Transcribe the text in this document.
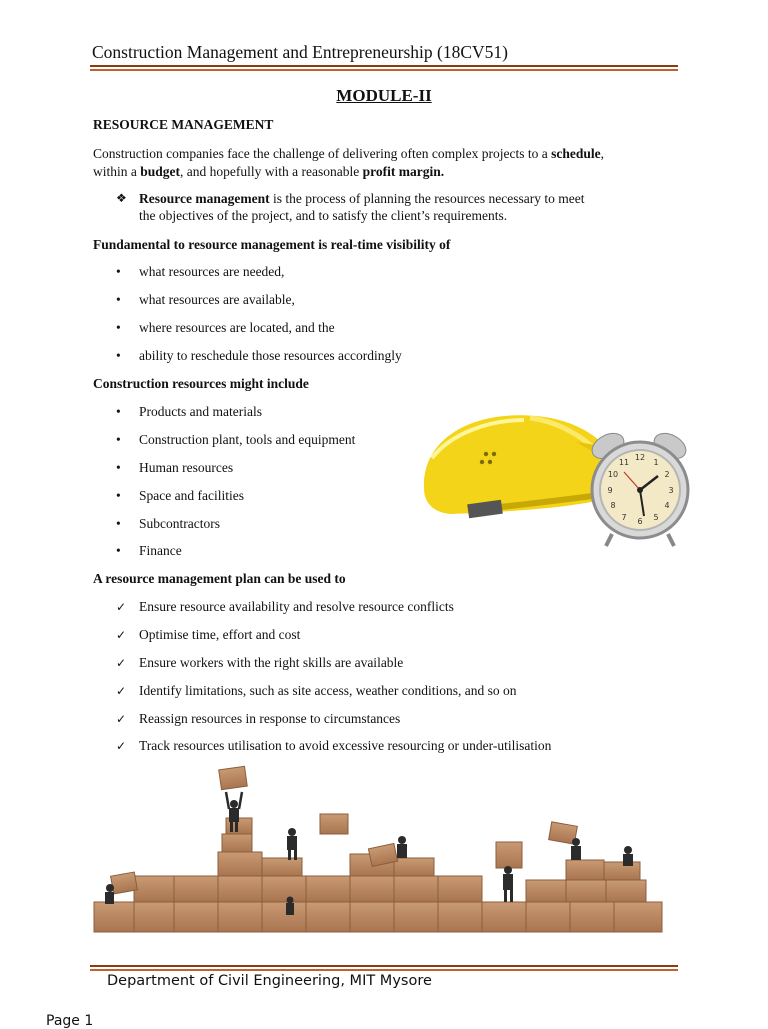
Construction Management and Entrepreneurship (18CV51)
MODULE-II
RESOURCE MANAGEMENT
Construction companies face the challenge of delivering often complex projects to a schedule,
within a budget, and hopefully with a reasonable profit margin.
❖ Resource management is the process of planning the resources necessary to meet
the objectives of the project, and to satisfy the client’s requirements.
Fundamental to resource management is real-time visibility of
• what resources are needed,
• what resources are available,
• where resources are located, and the
• ability to reschedule those resources accordingly
Construction resources might include
• Products and materials
• Construction plant, tools and equipment
• Human resources
• Space and facilities
• Subcontractors
• Finance
12
1
2
3
4
5
6
7
8
9
10
11
A resource management plan can be used to
✓ Ensure resource availability and resolve resource conflicts
✓ Optimise time, effort and cost
✓ Ensure workers with the right skills are available
✓ Identify limitations, such as site access, weather conditions, and so on
✓ Reassign resources in response to circumstances
✓ Track resources utilisation to avoid excessive resourcing or under-utilisation
Department of Civil Engineering, MIT Mysore
Page 1
